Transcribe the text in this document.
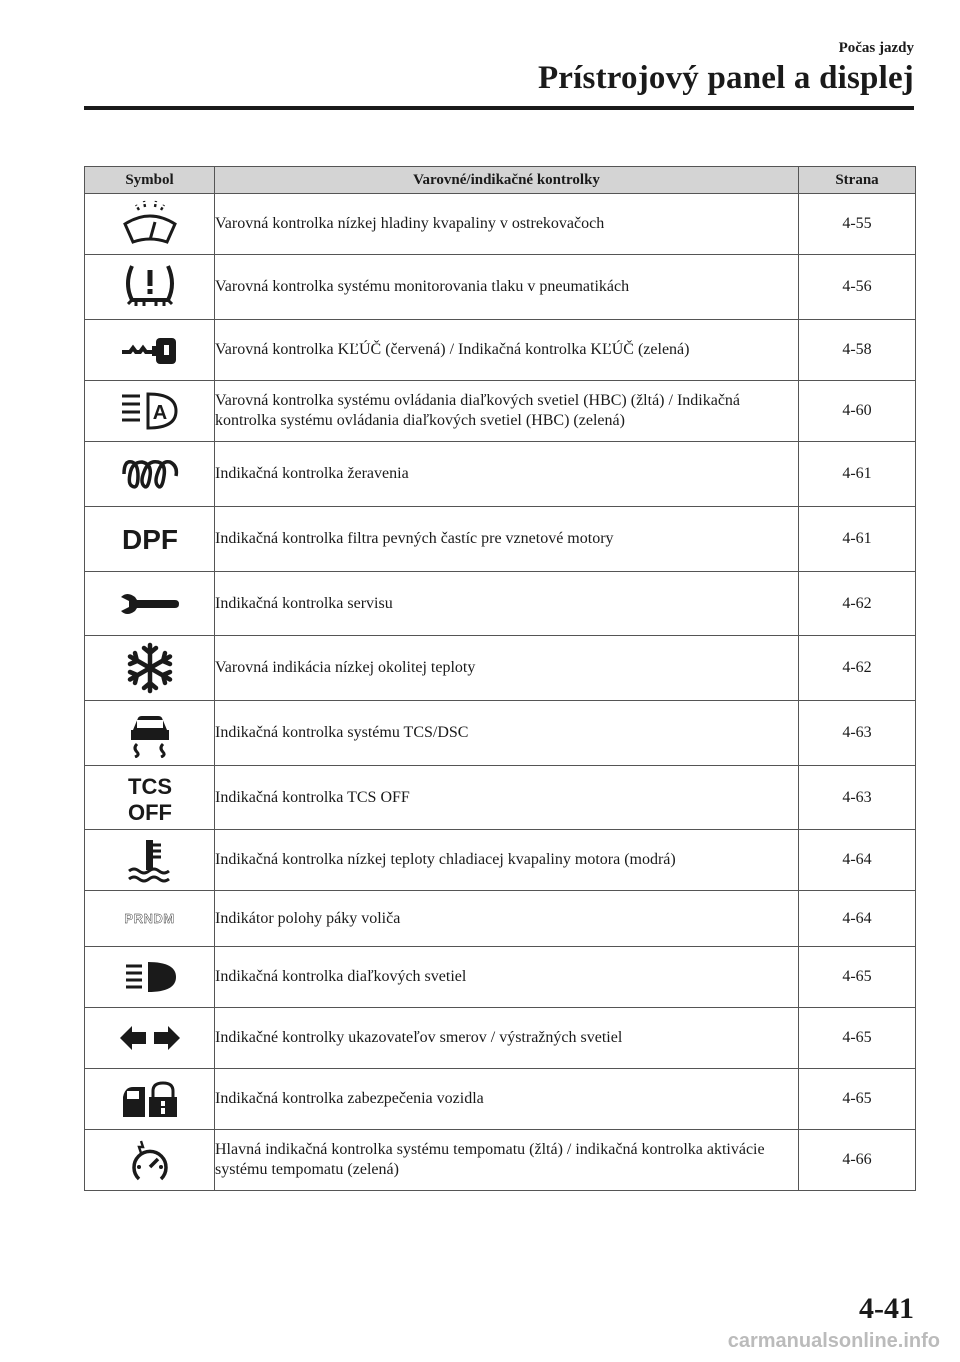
Počas jazdy
Prístrojový panel a displej
Symbol	Varovné/indikačné kontrolky	Strana

	Varovná kontrolka nízkej hladiny kvapaliny v ostrekovačoch	4-55

	Varovná kontrolka systému monitorovania tlaku v pneumatikách	4-56

	Varovná kontrolka KĽÚČ (červená) / Indikačná kontrolka KĽÚČ (zelená)	4-58

A	Varovná kontrolka systému ovládania diaľkových svetiel (HBC) (žltá) / Indikačná kontrolka systému ovládania diaľkových svetiel (HBC) (zelená)	4-60

	Indikačná kontrolka žeravenia	4-61

DPF	Indikačná kontrolka filtra pevných častíc pre vznetové motory	4-61

	Indikačná kontrolka servisu	4-62

	Varovná indikácia nízkej okolitej teploty	4-62

	Indikačná kontrolka systému TCS/DSC	4-63

TCS
OFF	Indikačná kontrolka TCS OFF	4-63

	Indikačná kontrolka nízkej teploty chladiacej kvapaliny motora (modrá)	4-64
PRNDM	Indikátor polohy páky voliča	4-64

	Indikačná kontrolka diaľkových svetiel	4-65

	Indikačné kontrolky ukazovateľov smerov / výstražných svetiel	4-65

	Indikačná kontrolka zabezpečenia vozidla	4-65

	Hlavná indikačná kontrolka systému tempomatu (žltá) / indikačná kontrolka aktivácie systému tempomatu (zelená)	4-66
4-41
carmanualsonline.info
